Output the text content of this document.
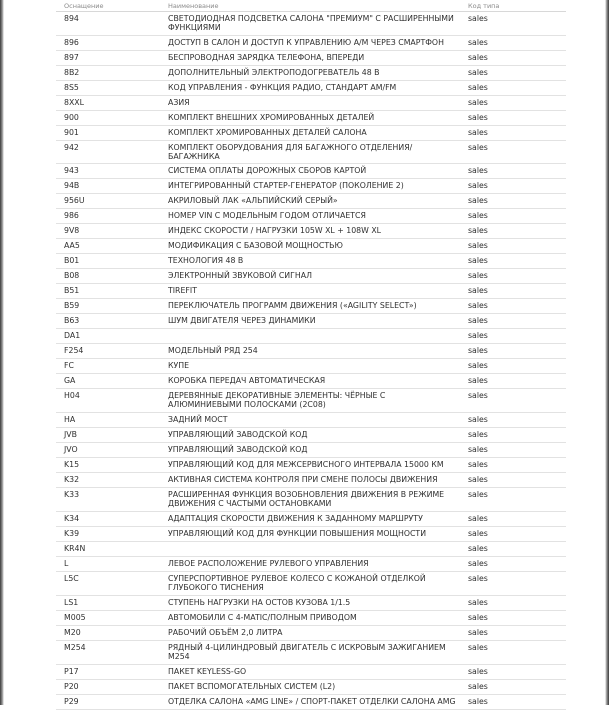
Оснащение	Наименование	Код типа
894	СВЕТОДИОДНАЯ ПОДСВЕТКА САЛОНА "ПРЕМИУМ" С РАСШИРЕННЫМИ ФУНКЦИЯМИ	sales
896	ДОСТУП В САЛОН И ДОСТУП К УПРАВЛЕНИЮ А/М ЧЕРЕЗ СМАРТФОН	sales
897	БЕСПРОВОДНАЯ ЗАРЯДКА ТЕЛЕФОНА, ВПЕРЕДИ	sales
8B2	ДОПОЛНИТЕЛЬНЫЙ ЭЛЕКТРОПОДОГРЕВАТЕЛЬ 48 В	sales
8S5	КОД УПРАВЛЕНИЯ - ФУНКЦИЯ РАДИО, СТАНДАРТ AM/FM	sales
8XXL	АЗИЯ	sales
900	КОМПЛЕКТ ВНЕШНИХ ХРОМИРОВАННЫХ ДЕТАЛЕЙ	sales
901	КОМПЛЕКТ ХРОМИРОВАННЫХ ДЕТАЛЕЙ САЛОНА	sales
942	КОМПЛЕКТ ОБОРУДОВАНИЯ ДЛЯ БАГАЖНОГО ОТДЕЛЕНИЯ/БАГАЖНИКА	sales
943	СИСТЕМА ОПЛАТЫ ДОРОЖНЫХ СБОРОВ КАРТОЙ	sales
94B	ИНТЕГРИРОВАННЫЙ СТАРТЕР-ГЕНЕРАТОР (ПОКОЛЕНИЕ 2)	sales
956U	АКРИЛОВЫЙ ЛАК «АЛЬПИЙСКИЙ СЕРЫЙ»	sales
986	НОМЕР VIN С МОДЕЛЬНЫМ ГОДОМ ОТЛИЧАЕТСЯ	sales
9V8	ИНДЕКС СКОРОСТИ / НАГРУЗКИ 105W XL + 108W XL	sales
AA5	МОДИФИКАЦИЯ С БАЗОВОЙ МОЩНОСТЬЮ	sales
B01	ТЕХНОЛОГИЯ 48 В	sales
B08	ЭЛЕКТРОННЫЙ ЗВУКОВОЙ СИГНАЛ	sales
B51	TIREFIT	sales
B59	ПЕРЕКЛЮЧАТЕЛЬ ПРОГРАММ ДВИЖЕНИЯ («AGILITY SELECT»)	sales
B63	ШУМ ДВИГАТЕЛЯ ЧЕРЕЗ ДИНАМИКИ	sales
DA1		sales
F254	МОДЕЛЬНЫЙ РЯД 254	sales
FC	КУПЕ	sales
GA	КОРОБКА ПЕРЕДАЧ АВТОМАТИЧЕСКАЯ	sales
H04	ДЕРЕВЯННЫЕ ДЕКОРАТИВНЫЕ ЭЛЕМЕНТЫ: ЧЁРНЫЕ С АЛЮМИНИЕВЫМИ ПОЛОСКАМИ (2C08)	sales
HA	ЗАДНИЙ МОСТ	sales
JVB	УПРАВЛЯЮЩИЙ ЗАВОДСКОЙ КОД	sales
JVO	УПРАВЛЯЮЩИЙ ЗАВОДСКОЙ КОД	sales
K15	УПРАВЛЯЮЩИЙ КОД ДЛЯ МЕЖСЕРВИСНОГО ИНТЕРВАЛА 15000 КМ	sales
K32	АКТИВНАЯ СИСТЕМА КОНТРОЛЯ ПРИ СМЕНЕ ПОЛОСЫ ДВИЖЕНИЯ	sales
K33	РАСШИРЕННАЯ ФУНКЦИЯ ВОЗОБНОВЛЕНИЯ ДВИЖЕНИЯ В РЕЖИМЕ ДВИЖЕНИЯ С ЧАСТЫМИ ОСТАНОВКАМИ	sales
K34	АДАПТАЦИЯ СКОРОСТИ ДВИЖЕНИЯ К ЗАДАННОМУ МАРШРУТУ	sales
K39	УПРАВЛЯЮЩИЙ КОД ДЛЯ ФУНКЦИИ ПОВЫШЕНИЯ МОЩНОСТИ	sales
KR4N		sales
L	ЛЕВОЕ РАСПОЛОЖЕНИЕ РУЛЕВОГО УПРАВЛЕНИЯ	sales
L5C	СУПЕРСПОРТИВНОЕ РУЛЕВОЕ КОЛЕСО С КОЖАНОЙ ОТДЕЛКОЙ ГЛУБОКОГО ТИСНЕНИЯ	sales
LS1	СТУПЕНЬ НАГРУЗКИ НА ОСТОВ КУЗОВА 1/1.5	sales
M005	АВТОМОБИЛИ С 4-MATIC/ПОЛНЫМ ПРИВОДОМ	sales
M20	РАБОЧИЙ ОБЪЁМ 2,0 ЛИТРА	sales
M254	РЯДНЫЙ 4-ЦИЛИНДРОВЫЙ ДВИГАТЕЛЬ С ИСКРОВЫМ ЗАЖИГАНИЕМ M254	sales
P17	ПАКЕТ KEYLESS-GO	sales
P20	ПАКЕТ ВСПОМОГАТЕЛЬНЫХ СИСТЕМ (L2)	sales
P29	ОТДЕЛКА САЛОНА «AMG LINE» / СПОРТ-ПАКЕТ ОТДЕЛКИ САЛОНА AMG	sales
